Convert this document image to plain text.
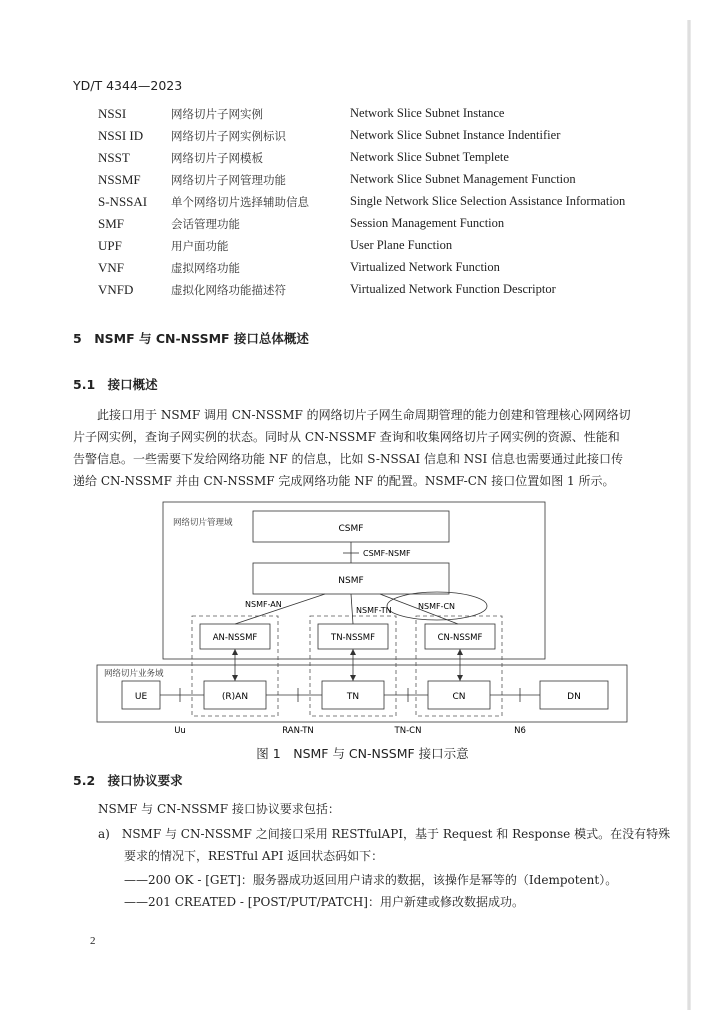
YD/T 4344—2023
NSSI	网络切片子网实例	Network Slice Subnet Instance
NSSI ID 网络切片子网实例标识	Network Slice Subnet Instance Indentifier
NSST	网络切片子网模板	Network Slice Subnet Templete
NSSMF	网络切片子网管理功能	Network Slice Subnet Management Function
S-NSSAI 单个网络切片选择辅助信息	Single Network Slice Selection Assistance Information
SMF	会话管理功能	Session Management Function
UPF	用户面功能	User Plane Function
VNF	虚拟网络功能	Virtualized Network Function
VNFD	虚拟化网络功能描述符	Virtualized Network Function Descriptor
5 NSMF 与 CN-NSSMF 接口总体概述
5.1 接口概述
　　此接口用于 NSMF 调用 CN-NSSMF 的网络切片子网生命周期管理的能力创建和管理核心网网络切
片子网实例，查询子网实例的状态。同时从 CN-NSSMF 查询和收集网络切片子网实例的资源、性能和
告警信息。一些需要下发给网络功能 NF 的信息，比如 S-NSSAI 信息和 NSI 信息也需要通过此接口传
递给 CN-NSSMF 并由 CN-NSSMF 完成网络功能 NF 的配置。NSMF-CN 接口位置如图 1 所示。
网络切片管理域
网络切片业务域
CSMF
NSMF
CSMF-NSMF
NSMF-AN
NSMF-TN	NSMF-CN
AN-NSSMF	TN-NSSMF	CN-NSSMF
UE	(R)AN	TN	CN	DN
Uu	RAN-TN	TN-CN	N6
图 1 NSMF 与 CN-NSSMF 接口示意
5.2 接口协议要求
NSMF 与 CN-NSSMF 接口协议要求包括：
a) NSMF 与 CN-NSSMF 之间接口采用 RESTfulAPI，基于 Request 和 Response 模式。在没有特殊
要求的情况下，RESTful API 返回状态码如下：
——200 OK - [GET]：服务器成功返回用户请求的数据，该操作是幂等的（Idempotent）。
——201 CREATED - [POST/PUT/PATCH]：用户新建或修改数据成功。
2
